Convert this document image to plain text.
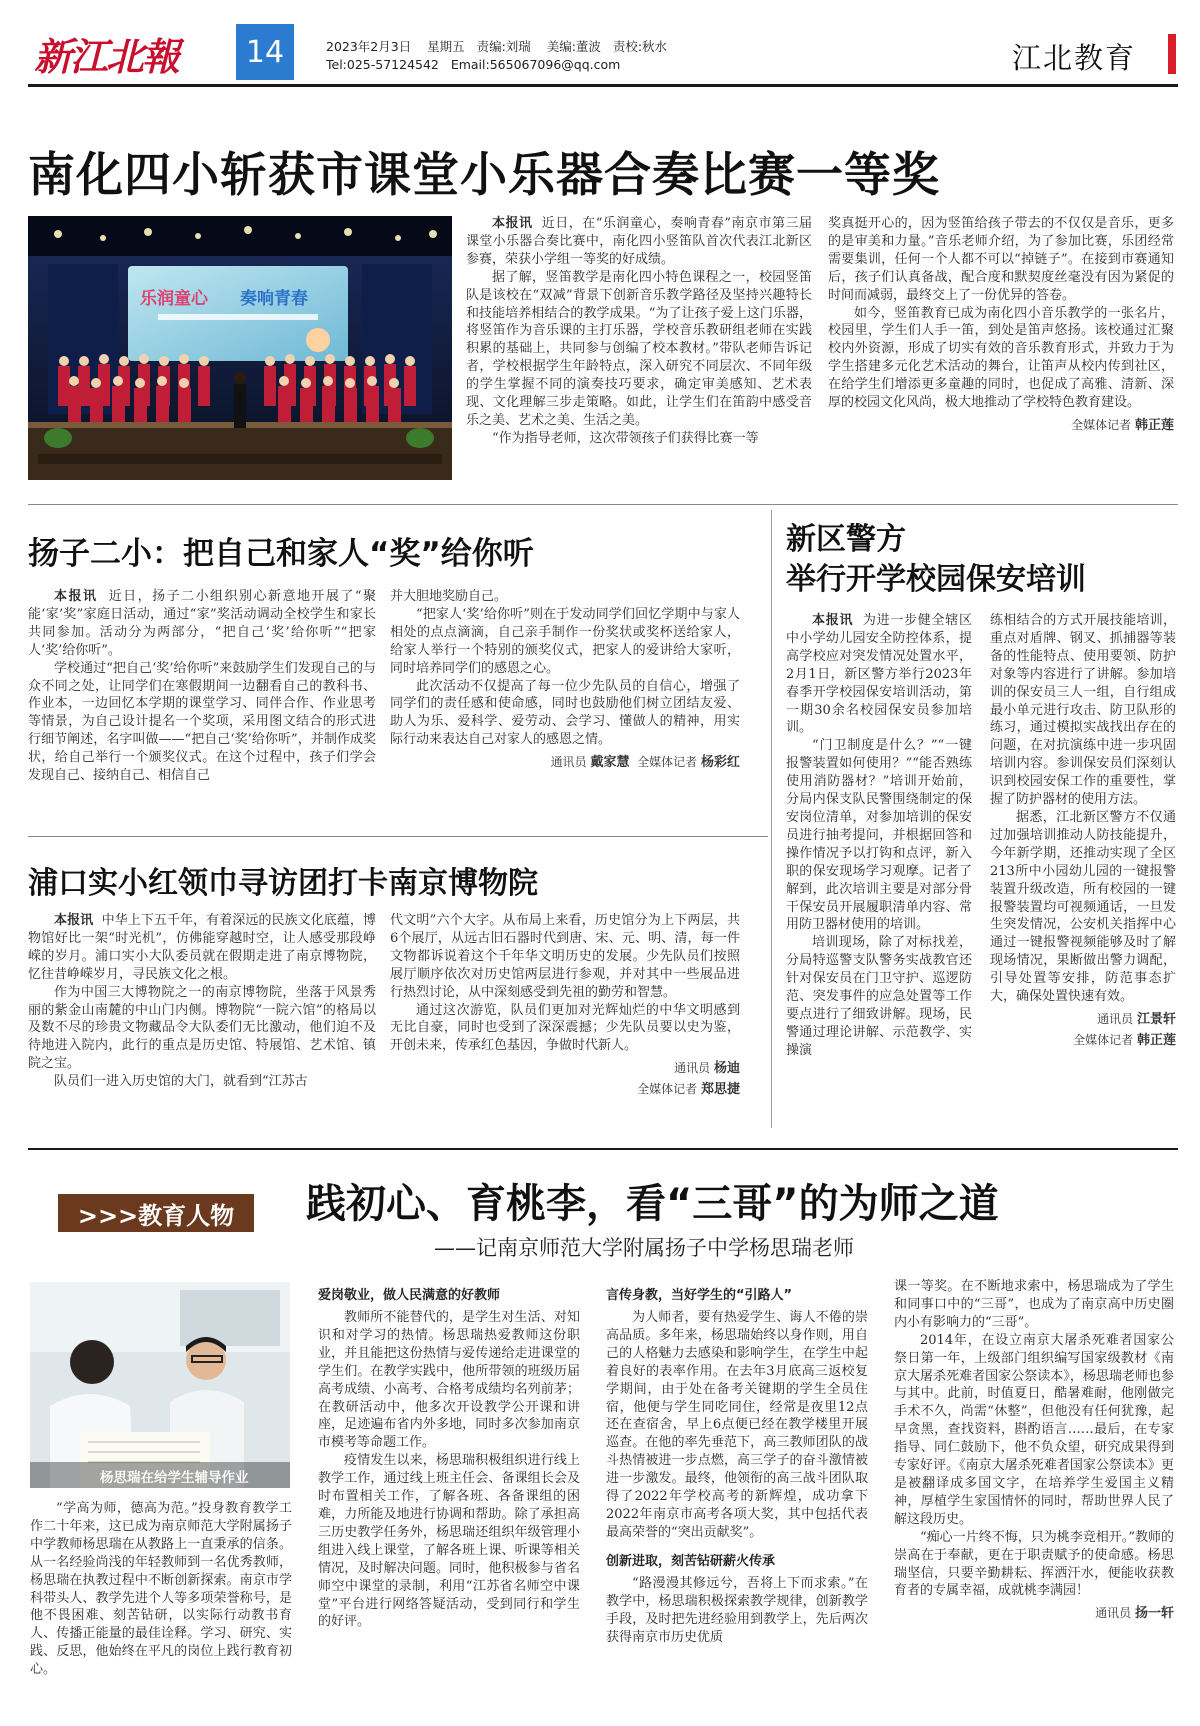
新江北報 14	2023年2月3日 星期五 责编:刘瑞 美编:董波 责校:秋水
Tel:025-57124542 Email:565067096@qq.com	江北教育
南化四小斩获市课堂小乐器合奏比赛一等奖
乐润童心 奏响青春
本报讯 近日，在“乐润童心，奏响青春”南京市第三届课堂小乐器合奏比赛中，南化四小竖笛队首次代表江北新区参赛，荣获小学组一等奖的好成绩。
据了解，竖笛教学是南化四小特色课程之一，校园竖笛队是该校在“双减”背景下创新音乐教学路径及坚持兴趣特长和技能培养相结合的教学成果。“为了让孩子爱上这门乐器，将竖笛作为音乐课的主打乐器，学校音乐教研组老师在实践积累的基础上，共同参与创编了校本教材。”带队老师告诉记者，学校根据学生年龄特点，深入研究不同层次、不同年级的学生掌握不同的演奏技巧要求，确定审美感知、艺术表现、文化理解三步走策略。如此，让学生们在笛韵中感受音乐之美、艺术之美、生活之美。
“作为指导老师，这次带领孩子们获得比赛一等
奖真挺开心的，因为竖笛给孩子带去的不仅仅是音乐，更多的是审美和力量。”音乐老师介绍，为了参加比赛，乐团经常需要集训，任何一个人都不可以“掉链子”。在接到市赛通知后，孩子们认真备战，配合度和默契度丝毫没有因为紧促的时间而减弱，最终交上了一份优异的答卷。
如今，竖笛教育已成为南化四小音乐教学的一张名片，校园里，学生们人手一笛，到处是笛声悠扬。该校通过汇聚校内外资源，形成了切实有效的音乐教育形式，并致力于为学生搭建多元化艺术活动的舞台，让笛声从校内传到社区，在给学生们增添更多童趣的同时，也促成了高雅、清新、深厚的校园文化风尚，极大地推动了学校特色教育建设。
全媒体记者 韩正莲
扬子二小：把自己和家人“奖”给你听
本报讯 近日，扬子二小组织别心新意地开展了“聚能‘家’奖”家庭日活动，通过“家”奖活动调动全校学生和家长共同参加。活动分为两部分，“把自己‘奖’给你听”“把家人‘奖’给你听”。
学校通过“把自己‘奖’给你听”来鼓励学生们发现自己的与众不同之处，让同学们在寒假期间一边翻看自己的教科书、作业本，一边回忆本学期的课堂学习、同伴合作、作业思考等情景，为自己设计提名一个奖项，采用图文结合的形式进行细节阐述，名字叫做——“把自己‘奖’给你听”，并制作成奖状，给自己举行一个颁奖仪式。在这个过程中，孩子们学会发现自己、接纳自己、相信自己
并大胆地奖励自己。
“把家人‘奖’给你听”则在于发动同学们回忆学期中与家人相处的点点滴滴，自己亲手制作一份奖状或奖杯送给家人，给家人举行一个特别的颁奖仪式，把家人的爱讲给大家听，同时培养同学们的感恩之心。
此次活动不仅提高了每一位少先队员的自信心，增强了同学们的责任感和使命感，同时也鼓励他们树立团结友爱、助人为乐、爱科学、爱劳动、会学习、懂做人的精神，用实际行动来表达自己对家人的感恩之情。
通讯员 戴家慧 全媒体记者 杨彩红
浦口实小红领巾寻访团打卡南京博物院
本报讯 中华上下五千年，有着深远的民族文化底蕴，博物馆好比一架“时光机”，仿佛能穿越时空，让人感受那段峥嵘的岁月。浦口实小大队委员就在假期走进了南京博物院，忆往昔峥嵘岁月，寻民族文化之根。
作为中国三大博物院之一的南京博物院，坐落于风景秀丽的紫金山南麓的中山门内侧。博物院“一院六馆”的格局以及数不尽的珍贵文物藏品令大队委们无比激动，他们迫不及待地进入院内，此行的重点是历史馆、特展馆、艺术馆、镇院之宝。
队员们一进入历史馆的大门，就看到“江苏古
代文明”六个大字。从布局上来看，历史馆分为上下两层，共6个展厅，从远古旧石器时代到唐、宋、元、明、清，每一件文物都诉说着这个千年华文明历史的发展。少先队员们按照展厅顺序依次对历史馆两层进行参观，并对其中一些展品进行热烈讨论，从中深刻感受到先祖的勤劳和智慧。
通过这次游览，队员们更加对光辉灿烂的中华文明感到无比自豪，同时也受到了深深震撼；少先队员要以史为鉴，开创未来，传承红色基因，争做时代新人。
通讯员 杨迪
全媒体记者 郑思捷
新区警方
举行开学校园保安培训
本报讯 为进一步健全辖区中小学幼儿园安全防控体系，提高学校应对突发情况处置水平，2月1日，新区警方举行2023年春季开学校园保安培训活动，第一期30余名校园保安员参加培训。
“门卫制度是什么？”“一键报警装置如何使用？”“能否熟练使用消防器材？”培训开始前，分局内保支队民警围绕制定的保安岗位清单，对参加培训的保安员进行抽考提问，并根据回答和操作情况予以打钩和点评，新入职的保安现场学习观摩。记者了解到，此次培训主要是对部分骨干保安员开展履职清单内容、常用防卫器材使用的培训。
培训现场，除了对标找差，分局特巡警支队警务实战教官还针对保安员在门卫守护、巡逻防范、突发事件的应急处置等工作要点进行了细致讲解。现场，民警通过理论讲解、示范教学、实操演
练相结合的方式开展技能培训，重点对盾牌、钢叉、抓捕器等装备的性能特点、使用要领、防护对象等内容进行了讲解。参加培训的保安员三人一组，自行组成最小单元进行攻击、防卫队形的练习，通过模拟实战找出存在的问题，在对抗演练中进一步巩固培训内容。参训保安员们深刻认识到校园安保工作的重要性，掌握了防护器材的使用方法。
据悉，江北新区警方不仅通过加强培训推动人防技能提升，今年新学期，还推动实现了全区213所中小园幼儿园的一键报警装置升级改造，所有校园的一键报警装置均可视频通话，一旦发生突发情况，公安机关指挥中心通过一键报警视频能够及时了解现场情况，果断做出警力调配，引导处置等安排，防范事态扩大，确保处置快速有效。
通讯员 江景轩
全媒体记者 韩正莲
>>>教育人物 践初心、育桃李，看“三哥”的为师之道
——记南京师范大学附属扬子中学杨思瑞老师
杨思瑞在给学生辅导作业
“学高为师，德高为范。”投身教育教学工作二十年来，这已成为南京师范大学附属扬子中学教师杨思瑞在从教路上一直秉承的信条。从一名经验尚浅的年轻教师到一名优秀教师，杨思瑞在执教过程中不断创新探索。南京市学科带头人、教学先进个人等多项荣誉称号，是他不畏困难、刻苦钻研，以实际行动教书育人、传播正能量的最佳诠释。学习、研究、实践、反思，他始终在平凡的岗位上践行教育初心。
爱岗敬业，做人民满意的好教师
教师所不能替代的，是学生对生活、对知识和对学习的热情。杨思瑞热爱教师这份职业，并且能把这份热情与爱传递给走进课堂的学生们。在教学实践中，他所带领的班级历届高考成绩、小高考、合格考成绩均名列前茅；在教研活动中，他多次开设教学公开课和讲座，足迹遍布省内外多地，同时多次参加南京市模考等命题工作。
疫情发生以来，杨思瑞积极组织进行线上教学工作，通过线上班主任会、备课组长会及时布置相关工作，了解各班、各备课组的困难，力所能及地进行协调和帮助。除了承担高三历史教学任务外，杨思瑞还组织年级管理小组进入线上课堂，了解各班上课、听课等相关情况，及时解决问题。同时，他积极参与省名师空中课堂的录制，利用“江苏省名师空中课堂”平台进行网络答疑活动，受到同行和学生的好评。
言传身教，当好学生的“引路人”
为人师者，要有热爱学生、诲人不倦的崇高品质。多年来，杨思瑞始终以身作则，用自己的人格魅力去感染和影响学生，在学生中起着良好的表率作用。在去年3月底高三返校复学期间，由于处在备考关键期的学生全员住宿，他便与学生同吃同住，经常是夜里12点还在查宿舍，早上6点便已经在教学楼里开展巡查。在他的率先垂范下，高三教师团队的战斗热情被进一步点燃，高三学子的奋斗激情被进一步激发。最终，他领衔的高三战斗团队取得了2022年学校高考的新辉煌，成功拿下2022年南京市高考各项大奖，其中包括代表最高荣誉的“突出贡献奖”。
创新进取，刻苦钻研薪火传承
“路漫漫其修远兮，吾将上下而求索。”在教学中，杨思瑞积极探索教学规律，创新教学手段，及时把先进经验用到教学上，先后两次获得南京市历史优质
课一等奖。在不断地求索中，杨思瑞成为了学生和同事口中的“三哥”，也成为了南京高中历史圈内小有影响力的“三哥”。
2014年，在设立南京大屠杀死难者国家公祭日第一年，上级部门组织编写国家级教材《南京大屠杀死难者国家公祭读本》，杨思瑞老师也参与其中。此前，时值夏日，酷暑难耐，他刚做完手术不久，尚需“休整”，但他没有任何犹豫，起早贪黑，查找资料，斟酌语言……最后，在专家指导、同仁鼓励下，他不负众望，研究成果得到专家好评。《南京大屠杀死难者国家公祭读本》更是被翻译成多国文字，在培养学生爱国主义精神，厚植学生家国情怀的同时，帮助世界人民了解这段历史。
“痴心一片终不悔，只为桃李竞相开。”教师的崇高在于奉献，更在于职责赋予的使命感。杨思瑞坚信，只要辛勤耕耘、挥洒汗水，便能收获教育者的专属幸福，成就桃李满园！
通讯员 扬一轩
